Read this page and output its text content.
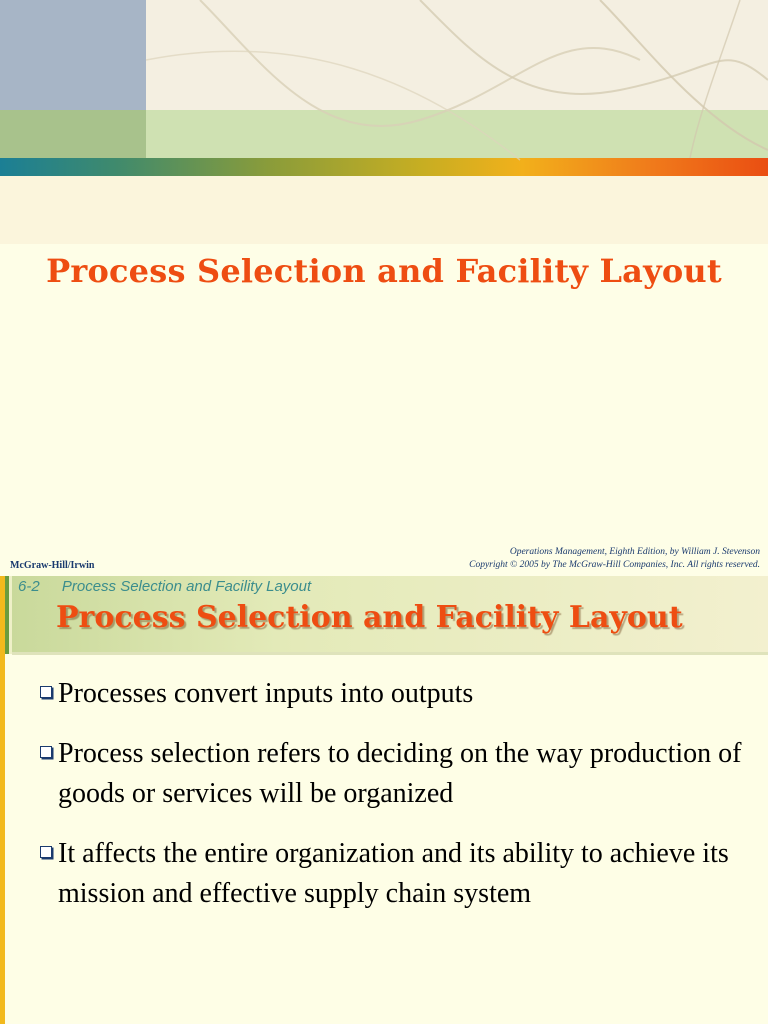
Process Selection and Facility Layout
McGraw-Hill/Irwin
Operations Management, Eighth Edition, by William J. Stevenson
Copyright © 2005 by The McGraw-Hill Companies, Inc. All rights reserved.
6-2 Process Selection and Facility Layout
Process Selection and Facility Layout
Processes convert inputs into outputs
Process selection refers to deciding on the way production of goods or services will be organized
It affects the entire organization and its ability to achieve its mission and effective supply chain system
